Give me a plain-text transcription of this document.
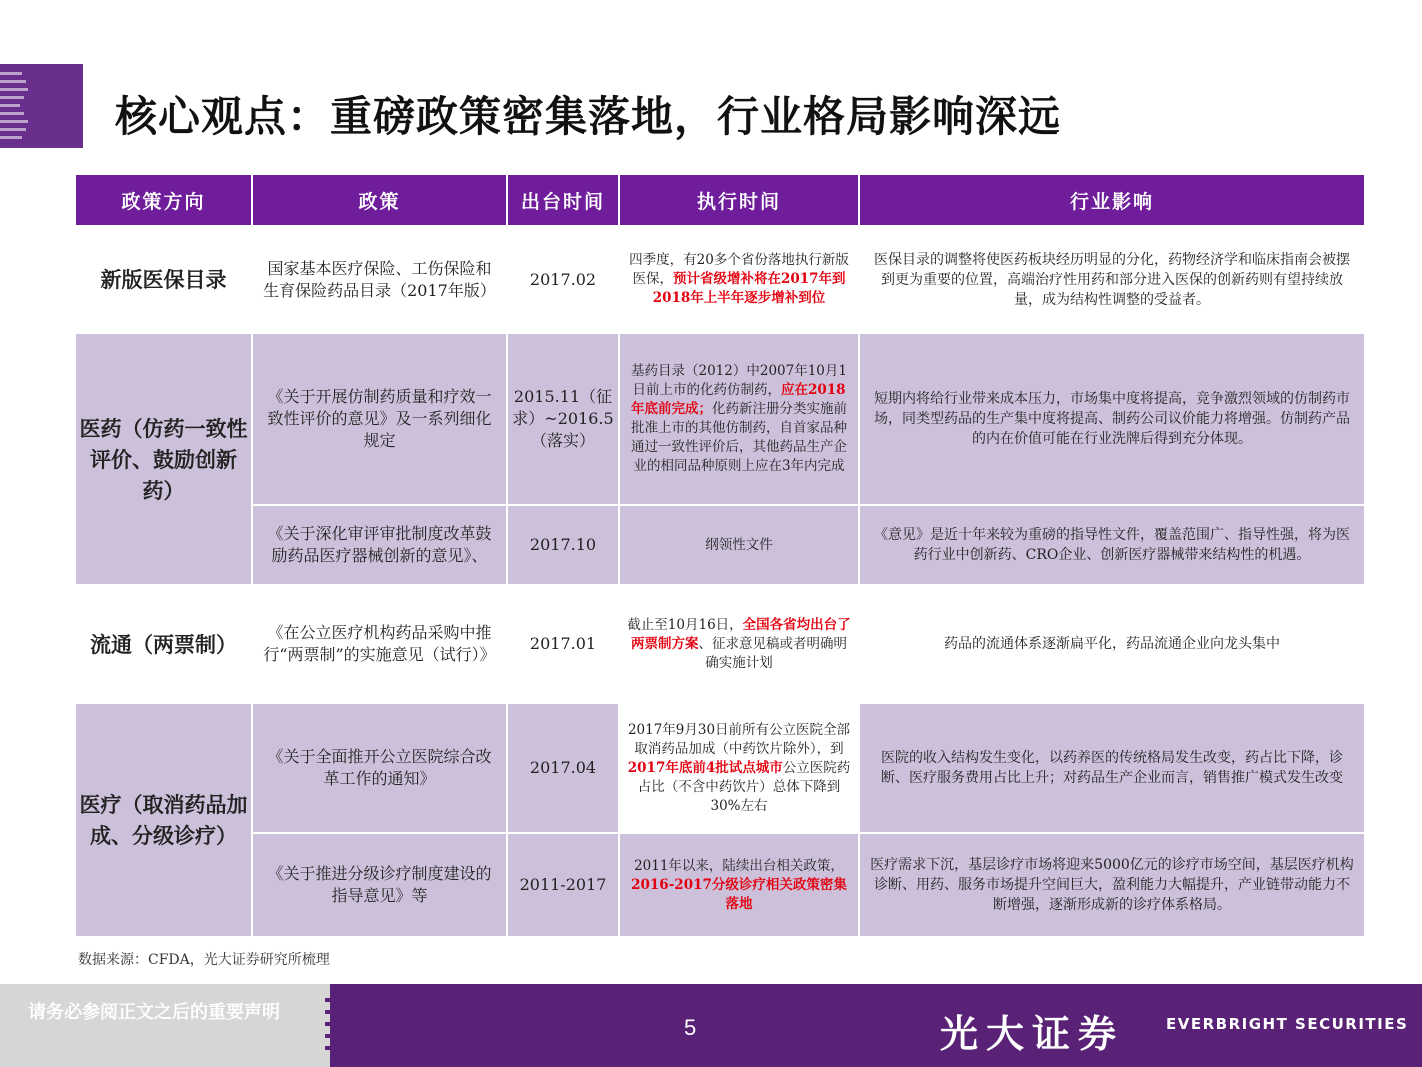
核心观点：重磅政策密集落地，行业格局影响深远
政策方向	政策	出台时间	执行时间	行业影响
新版医保目录	国家基本医疗保险、工伤保险和生育保险药品目录（2017年版）	2017.02	四季度，有20多个省份落地执行新版医保，预计省级增补将在2017年到2018年上半年逐步增补到位	医保目录的调整将使医药板块经历明显的分化，药物经济学和临床指南会被摆到更为重要的位置，高端治疗性用药和部分进入医保的创新药则有望持续放量，成为结构性调整的受益者。
医药（仿药一致性评价、鼓励创新药）	《关于开展仿制药质量和疗效一致性评价的意见》及一系列细化规定	2015.11（征求）~2016.5（落实）	基药目录（2012）中2007年10月1日前上市的化药仿制药，应在2018年底前完成；化药新注册分类实施前批准上市的其他仿制药，自首家品种通过一致性评价后，其他药品生产企业的相同品种原则上应在3年内完成	短期内将给行业带来成本压力，市场集中度将提高，竞争激烈领域的仿制药市场，同类型药品的生产集中度将提高、制药公司议价能力将增强。仿制药产品的内在价值可能在行业洗牌后得到充分体现。
	《关于深化审评审批制度改革鼓励药品医疗器械创新的意见》、	2017.10	纲领性文件	《意见》是近十年来较为重磅的指导性文件，覆盖范围广、指导性强，将为医药行业中创新药、CRO企业、创新医疗器械带来结构性的机遇。
流通（两票制）	《在公立医疗机构药品采购中推行“两票制”的实施意见（试行）》	2017.01	截止至10月16日，全国各省均出台了两票制方案、征求意见稿或者明确明确实施计划	药品的流通体系逐渐扁平化，药品流通企业向龙头集中
医疗（取消药品加成、分级诊疗）	《关于全面推开公立医院综合改革工作的通知》	2017.04	2017年9月30日前所有公立医院全部取消药品加成（中药饮片除外），到2017年底前4批试点城市公立医院药占比（不含中药饮片）总体下降到30%左右	医院的收入结构发生变化，以药养医的传统格局发生改变，药占比下降，诊断、医疗服务费用占比上升；对药品生产企业而言，销售推广模式发生改变
	《关于推进分级诊疗制度建设的指导意见》等	2011-2017	2011年以来，陆续出台相关政策，2016-2017分级诊疗相关政策密集落地	医疗需求下沉，基层诊疗市场将迎来5000亿元的诊疗市场空间，基层医疗机构诊断、用药、服务市场提升空间巨大，盈利能力大幅提升，产业链带动能力不断增强，逐渐形成新的诊疗体系格局。
数据来源：CFDA，光大证券研究所梳理
请务必参阅正文之后的重要声明
5	光大证券	EVERBRIGHT SECURITIES
